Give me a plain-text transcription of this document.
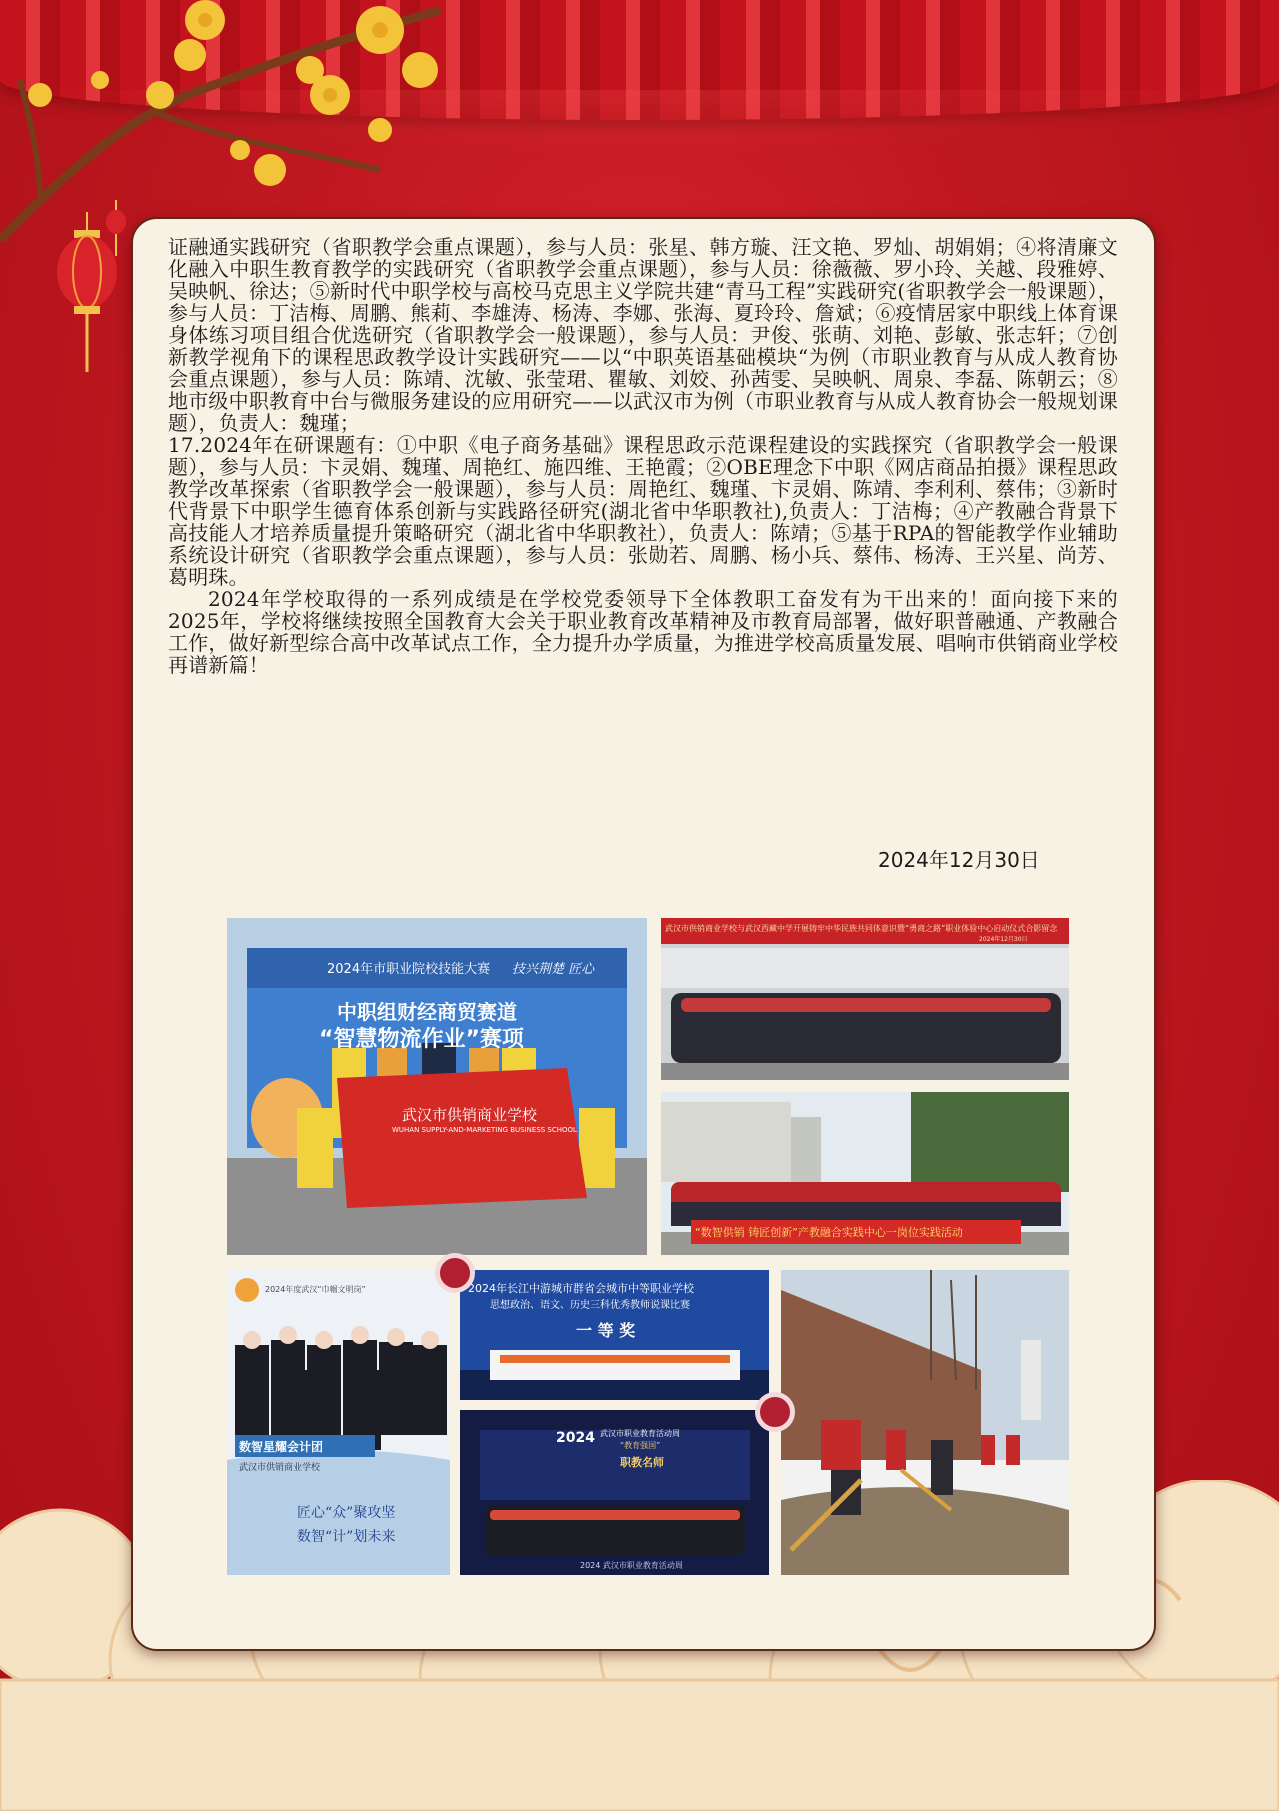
证融通实践研究（省职教学会重点课题），参与人员：张星、韩方璇、汪文艳、罗灿、胡娟娟；④将清廉文化融入中职生教育教学的实践研究（省职教学会重点课题），参与人员：徐薇薇、罗小玲、关越、段雅婷、吴映帆、徐达；⑤新时代中职学校与高校马克思主义学院共建“青马工程”实践研究(省职教学会一般课题），参与人员：丁洁梅、周鹏、熊莉、李雄涛、杨涛、李娜、张海、夏玲玲、詹斌；⑥疫情居家中职线上体育课身体练习项目组合优选研究（省职教学会一般课题），参与人员：尹俊、张萌、刘艳、彭敏、张志轩；⑦创新教学视角下的课程思政教学设计实践研究——以“中职英语基础模块“为例（市职业教育与从成人教育协会重点课题），参与人员：陈靖、沈敏、张莹珺、瞿敏、刘姣、孙茜雯、吴映帆、周泉、李磊、陈朝云；⑧地市级中职教育中台与微服务建设的应用研究——以武汉市为例（市职业教育与从成人教育协会一般规划课题），负责人：魏瑾；

17.2024年在研课题有：①中职《电子商务基础》课程思政示范课程建设的实践探究（省职教学会一般课题），参与人员：卞灵娟、魏瑾、周艳红、施四维、王艳霞；②OBE理念下中职《网店商品拍摄》课程思政教学改革探索（省职教学会一般课题），参与人员：周艳红、魏瑾、卞灵娟、陈靖、李利利、蔡伟；③新时代背景下中职学生德育体系创新与实践路径研究(湖北省中华职教社),负责人：丁洁梅；④产教融合背景下高技能人才培养质量提升策略研究（湖北省中华职教社），负责人：陈靖；⑤基于RPA的智能教学作业辅助系统设计研究（省职教学会重点课题），参与人员：张勋若、周鹏、杨小兵、蔡伟、杨涛、王兴星、尚芳、葛明珠。

2024年学校取得的一系列成绩是在学校党委领导下全体教职工奋发有为干出来的！面向接下来的2025年，学校将继续按照全国教育大会关于职业教育改革精神及市教育局部署，做好职普融通、产教融合工作，做好新型综合高中改革试点工作，全力提升办学质量，为推进学校高质量发展、唱响市供销商业学校再谱新篇！

2024年12月30日
2024年市职业院校技能大赛 技兴荆楚 匠心
中职组财经商贸赛道
“智慧物流作业”赛项
武汉市供销商业学校
WUHAN SUPPLY-AND-MARKETING BUSINESS SCHOOL
武汉市供销商业学校与武汉西藏中学开展铸牢中华民族共同体意识暨“勇商之路”职业体验中心启动仪式合影留念
2024年12月30日
“数智供销 铸匠创新”产教融合实践中心一岗位实践活动
2024年度武汉“巾帼文明岗”
数智星耀会计团
武汉市供销商业学校
匠心“众”聚攻坚
数智“计”划未来
2024年长江中游城市群省会城市中等职业学校
思想政治、语文、历史三科优秀教师说课比赛
一 等 奖
2024 武汉市职业教育活动周
“教育强国”
职教名师
2024 武汉市职业教育活动周
